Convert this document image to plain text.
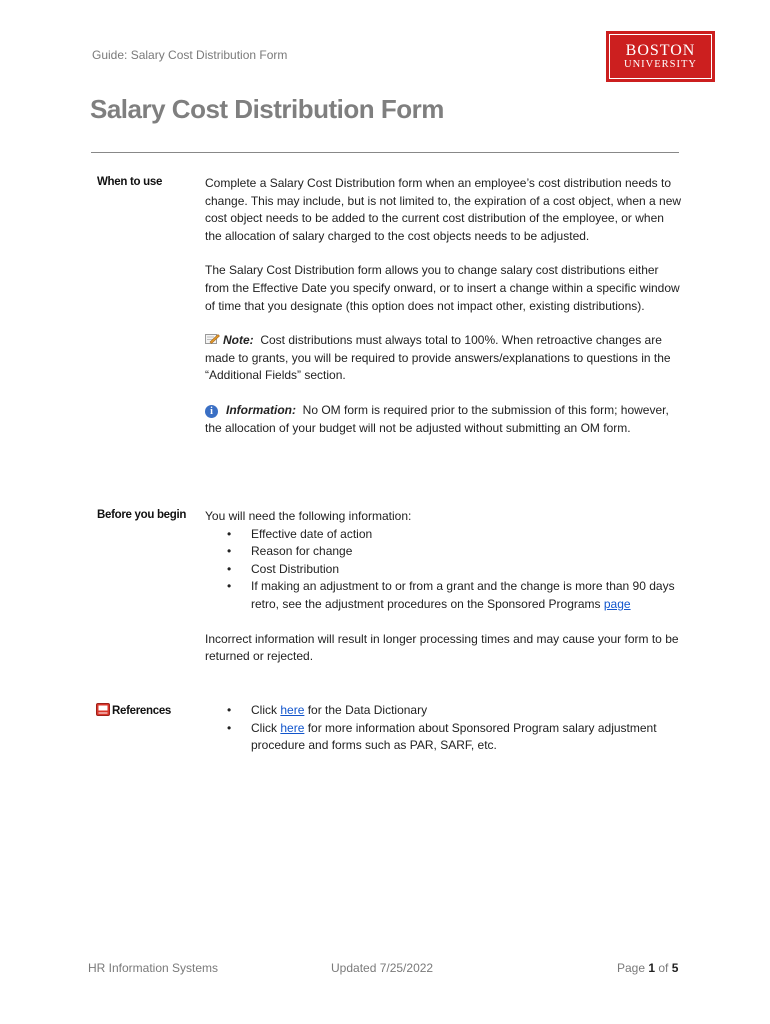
Guide: Salary Cost Distribution Form	BOSTON
UNIVERSITY
Salary Cost Distribution Form
When to use	Complete a Salary Cost Distribution form when an employee’s cost distribution needs to change. This may include, but is not limited to, the expiration of a cost object, when a new cost object needs to be added to the current cost distribution of the employee, or when the allocation of salary charged to the cost objects needs to be adjusted.

The Salary Cost Distribution form allows you to change salary cost distributions either from the Effective Date you specify onward, or to insert a change within a specific window of time that you designate (this option does not impact other, existing distributions).

Note: Cost distributions must always total to 100%. When retroactive changes are made to grants, you will be required to provide answers/explanations to questions in the “Additional Fields” section.

i Information: No OM form is required prior to the submission of this form; however, the allocation of your budget will not be adjusted without submitting an OM form.

Before you begin You will need the following information:

• Effective date of action
• Reason for change
• Cost Distribution
• If making an adjustment to or from a grant and the change is more than 90 days retro, see the adjustment procedures on the Sponsored Programs page

Incorrect information will result in longer processing times and may cause your form to be returned or rejected.

References	• Click here for the Data Dictionary
• Click here for more information about Sponsored Program salary adjustment procedure and forms such as PAR, SARF, etc.
HR Information Systems	Updated 7/25/2022	Page 1 of 5
